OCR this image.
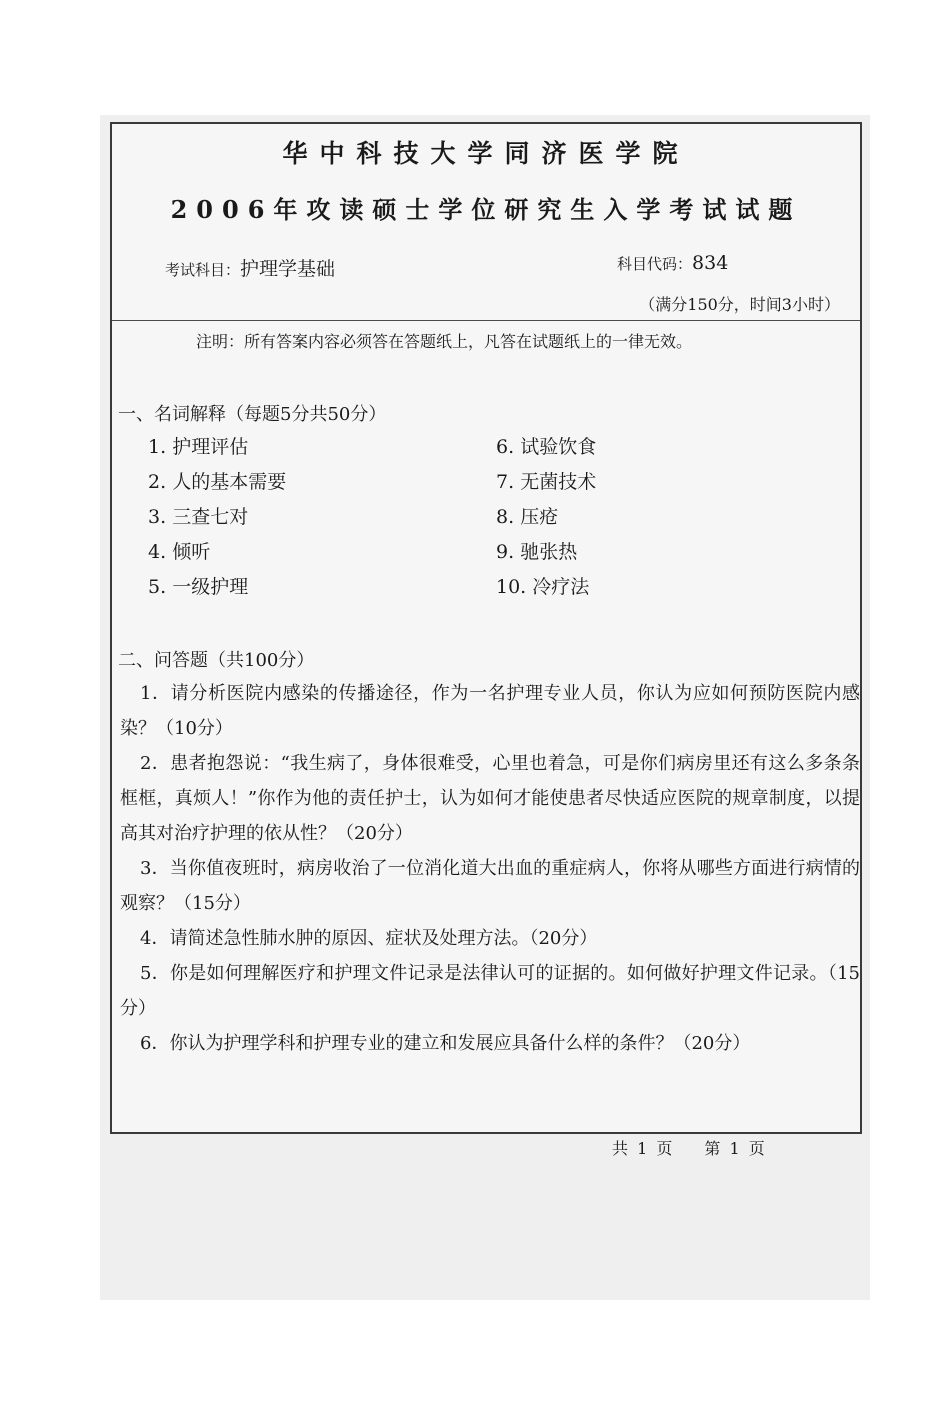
华中科技大学同济医学院
2006年攻读硕士学位研究生入学考试试题
考试科目：护理学基础	科目代码：834
（满分150分，时间3小时）
注明：所有答案内容必须答在答题纸上，凡答在试题纸上的一律无效。
一、名词解释（每题5分共50分）
1. 护理评估
2. 人的基本需要
3. 三查七对
4. 倾听
5. 一级护理
6. 试验饮食
7. 无菌技术
8. 压疮
9. 驰张热
10. 冷疗法
二、问答题（共100分）
1．请分析医院内感染的传播途径，作为一名护理专业人员，你认为应如何预防医院内感染？（10分）
2．患者抱怨说：“我生病了，身体很难受，心里也着急，可是你们病房里还有这么多条条框框，真烦人！”你作为他的责任护士，认为如何才能使患者尽快适应医院的规章制度，以提高其对治疗护理的依从性？（20分）
3．当你值夜班时，病房收治了一位消化道大出血的重症病人，你将从哪些方面进行病情的观察？（15分）
4．请简述急性肺水肿的原因、症状及处理方法。（20分）
5．你是如何理解医疗和护理文件记录是法律认可的证据的。如何做好护理文件记录。（15分）
6．你认为护理学科和护理专业的建立和发展应具备什么样的条件？（20分）
共 1 页 第 1 页
